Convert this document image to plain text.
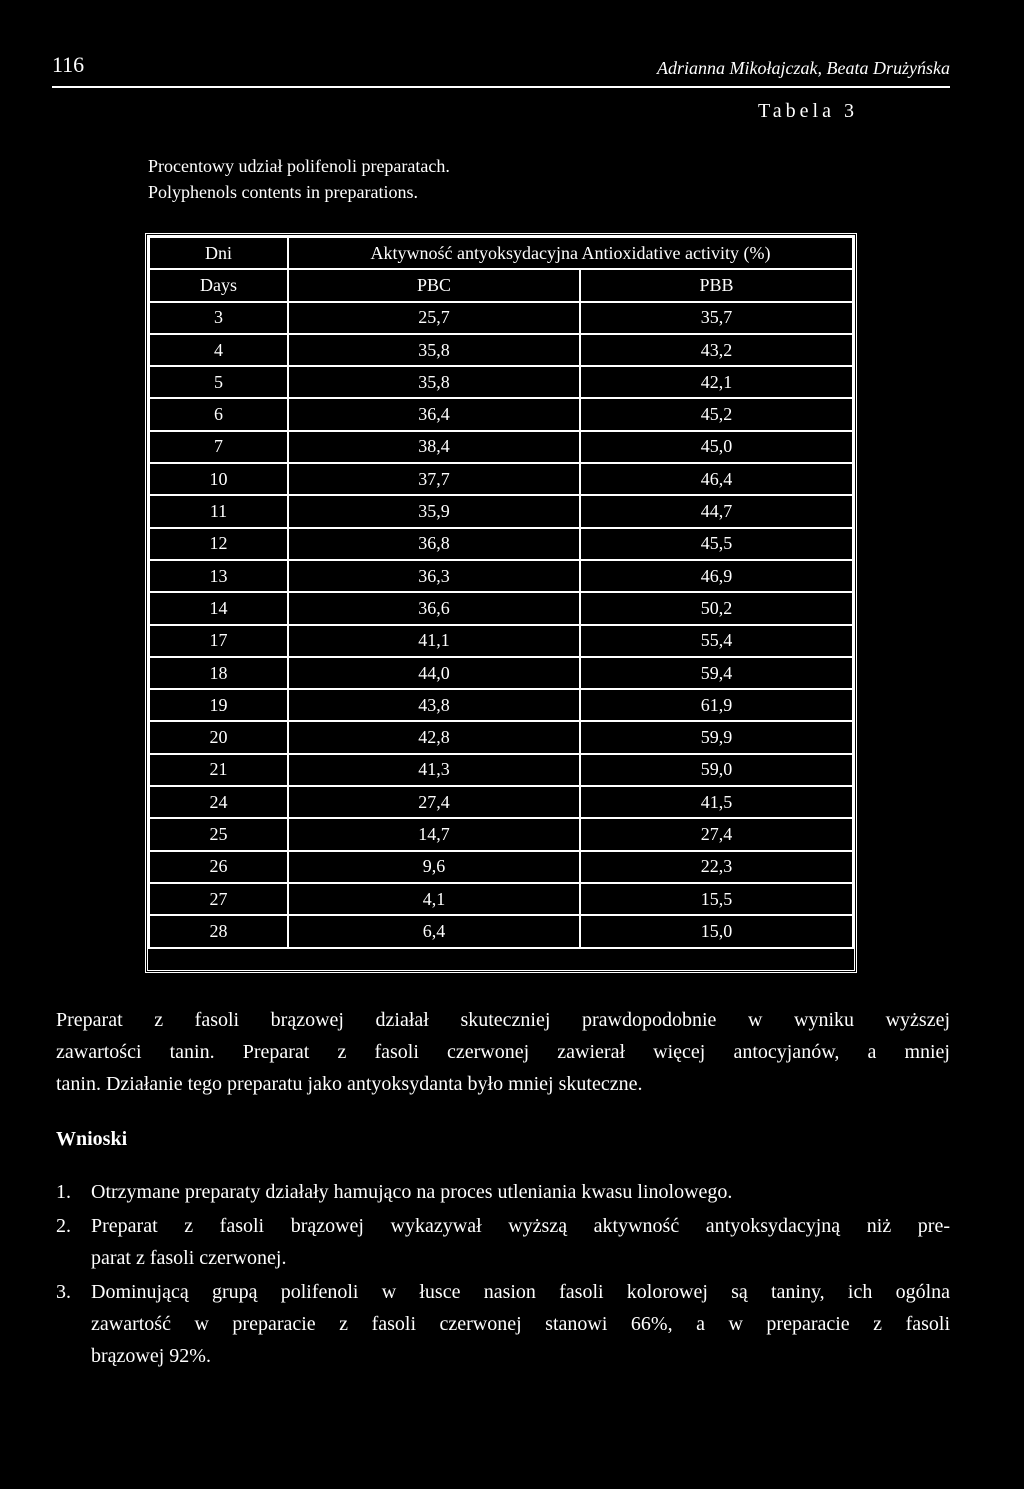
116	Adrianna Mikołajczak, Beata Drużyńska
Tabela 3
Procentowy udział polifenoli preparatach.
Polyphenols contents in preparations.
Dni	Aktywność antyoksydacyjna Antioxidative activity (%)	
Days	PBC	PBB
3	25,7	35,7
4	35,8	43,2
5	35,8	42,1
6	36,4	45,2
7	38,4	45,0
10	37,7	46,4
11	35,9	44,7
12	36,8	45,5
13	36,3	46,9
14	36,6	50,2
17	41,1	55,4
18	44,0	59,4
19	43,8	61,9
20	42,8	59,9
21	41,3	59,0
24	27,4	41,5
25	14,7	27,4
26	9,6	22,3
27	4,1	15,5
28	6,4	15,0
Preparat z fasoli brązowej działał skuteczniej prawdopodobnie w wyniku wyższej
zawartości tanin. Preparat z fasoli czerwonej zawierał więcej antocyjanów, a mniej
tanin. Działanie tego preparatu jako antyoksydanta było mniej skuteczne.
Wnioski
1. Otrzymane preparaty działały hamująco na proces utleniania kwasu linolowego.
2. Preparat z fasoli brązowej wykazywał wyższą aktywność antyoksydacyjną niż pre-
parat z fasoli czerwonej.
3. Dominującą grupą polifenoli w łusce nasion fasoli kolorowej są taniny, ich ogólna
zawartość w preparacie z fasoli czerwonej stanowi 66%, a w preparacie z fasoli
brązowej 92%.
